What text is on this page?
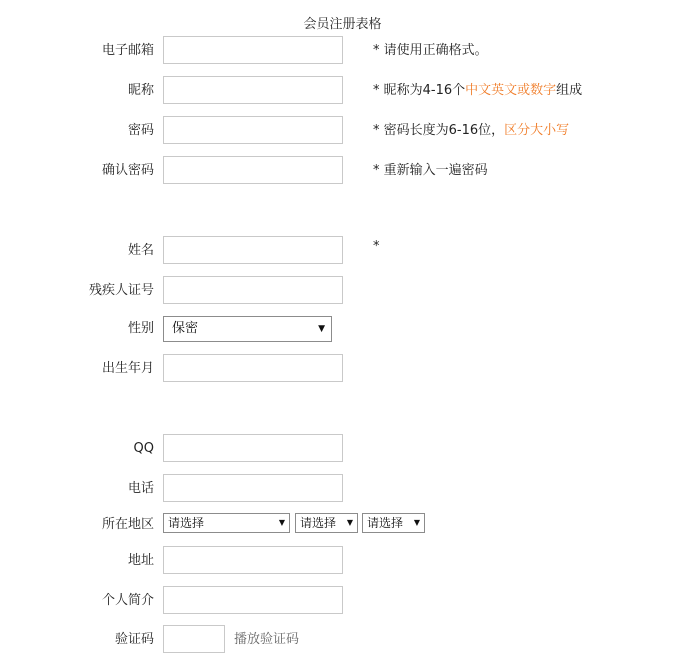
会员注册表格
电子邮箱	* 请使用正确格式。
昵称	* 昵称为4-16个中文英文或数字组成
密码	* 密码长度为6-16位，区分大小写
确认密码	* 重新输入一遍密码
姓名	*
残疾人证号
性别	保密	▼
出生年月
QQ
电话
所在地区	请选择	▼	请选择 ▼	请选择 ▼
地址
个人简介
验证码	播放验证码
